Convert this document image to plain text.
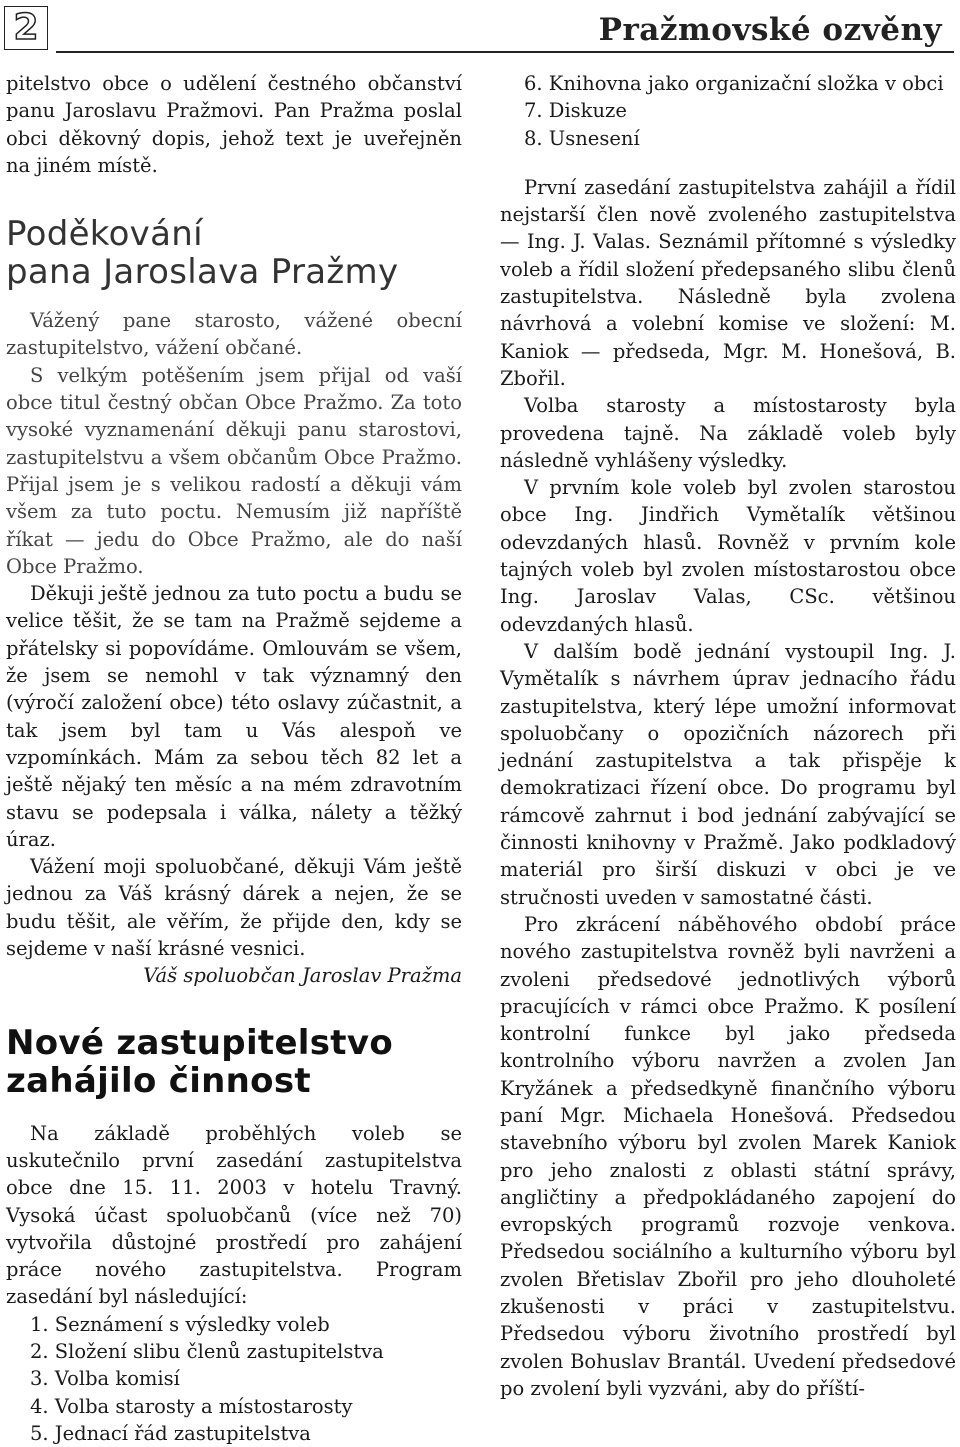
2	Pražmovské ozvěny

pitelstvo obce o udělení čestného občanství panu Jaroslavu Pražmovi. Pan Pražma poslal obci děkovný dopis, jehož text je uveřejněn na jiném místě.

Poděkování
pana Jaroslava Pražmy

Vážený pane starosto, vážené obecní zastupitelstvo, vážení občané.

S velkým potěšením jsem přijal od vaší obce titul čestný občan Obce Pražmo. Za toto vysoké vyznamenání děkuji panu starostovi, zastupitelstvu a všem občanům Obce Pražmo. Přijal jsem je s velikou radostí a děkuji vám všem za tuto poctu. Nemusím již napříště říkat — jedu do Obce Pražmo, ale do naší Obce Pražmo.

Děkuji ještě jednou za tuto poctu a budu se velice těšit, že se tam na Pražmě sejdeme a přátelsky si popovídáme. Omlouvám se všem, že jsem se nemohl v tak významný den (výročí založení obce) této oslavy zúčastnit, a tak jsem byl tam u Vás alespoň ve vzpomínkách. Mám za sebou těch 82 let a ještě nějaký ten měsíc a na mém zdravotním stavu se podepsala i válka, nálety a těžký úraz.

Vážení moji spoluobčané, děkuji Vám ještě jednou za Váš krásný dárek a nejen, že se budu těšit, ale věřím, že přijde den, kdy se sejdeme v naší krásné vesnici.

Váš spoluobčan Jaroslav Pražma

Nové zastupitelstvo
zahájilo činnost

Na základě proběhlých voleb se uskutečnilo první zasedání zastupitelstva obce dne 15. 11. 2003 v hotelu Travný. Vysoká účast spoluobčanů (více než 70) vytvořila důstojné prostředí pro zahájení práce nového zastupitelstva. Program zasedání byl následující:

1. Seznámení s výsledky voleb
2. Složení slibu členů zastupitelstva
3. Volba komisí
4. Volba starosty a místostarosty
5. Jednací řád zastupitelstva
6. Knihovna jako organizační složka v obci
7. Diskuze
8. Usnesení

První zasedání zastupitelstva zahájil a řídil nejstarší člen nově zvoleného zastupitelstva — Ing. J. Valas. Seznámil přítomné s výsledky voleb a řídil složení předepsaného slibu členů zastupitelstva. Následně byla zvolena návrhová a volební komise ve složení: M. Kaniok — předseda, Mgr. M. Honešová, B. Zbořil.

Volba starosty a místostarosty byla provedena tajně. Na základě voleb byly následně vyhlášeny výsledky.

V prvním kole voleb byl zvolen starostou obce Ing. Jindřich Vymětalík většinou odevzdaných hlasů. Rovněž v prvním kole tajných voleb byl zvolen místostarostou obce Ing. Jaroslav Valas, CSc. většinou odevzdaných hlasů.

V dalším bodě jednání vystoupil Ing. J. Vymětalík s návrhem úprav jednacího řádu zastupitelstva, který lépe umožní informovat spoluobčany o opozičních názorech při jednání zastupitelstva a tak přispěje k demokratizaci řízení obce. Do programu byl rámcově zahrnut i bod jednání zabývající se činnosti knihovny v Pražmě. Jako podkladový materiál pro širší diskuzi v obci je ve stručnosti uveden v samostatné části.

Pro zkrácení náběhového období práce nového zastupitelstva rovněž byli navrženi a zvoleni předsedové jednotlivých výborů pracujících v rámci obce Pražmo. K posílení kontrolní funkce byl jako předseda kontrolního výboru navržen a zvolen Jan Kryžánek a předsedkyně finančního výboru paní Mgr. Michaela Honešová. Předsedou stavebního výboru byl zvolen Marek Kaniok pro jeho znalosti z oblasti státní správy, angličtiny a předpokládaného zapojení do evropských programů rozvoje venkova. Předsedou sociálního a kulturního výboru byl zvolen Břetislav Zbořil pro jeho dlouholeté zkušenosti v práci v zastupitelstvu. Předsedou výboru životního prostředí byl zvolen Bohuslav Brantál. Uvedení předsedové po zvolení byli vyzváni, aby do příští-
